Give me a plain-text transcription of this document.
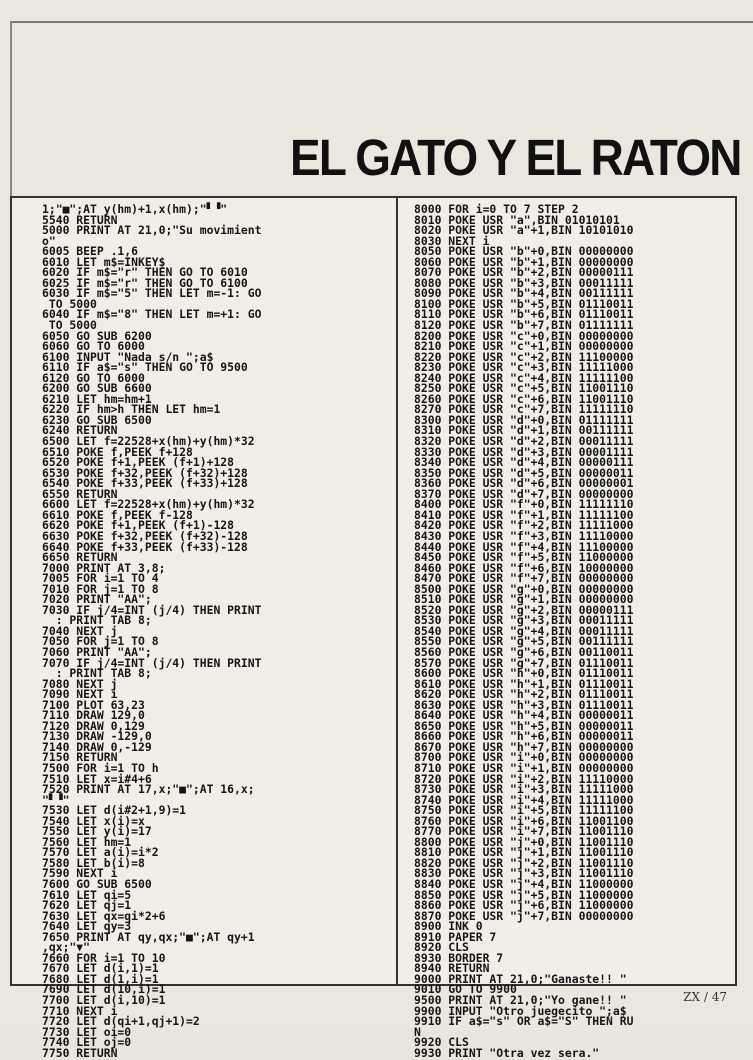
EL GATO Y EL RATON
1;"■";AT y(hm)+1,x(hm);"▘▝"
5540 RETURN
5000 PRINT AT 21,0;"Su movimient
o"
6005 BEEP .1,6
6010 LET m$=INKEY$
6020 IF m$="r" THEN GO TO 6010
6025 IF m$="r" THEN GO TO 6100
6030 IF m$="5" THEN LET m=-1: GO
TO 5000
6040 IF m$="8" THEN LET m=+1: GO
TO 5000
6050 GO SUB 6200
6060 GO TO 6000
6100 INPUT "Nada s/n ";a$
6110 IF a$="s" THEN GO TO 9500
6120 GO TO 6000
6200 GO SUB 6600
6210 LET hm=hm+1
6220 IF hm>h THEN LET hm=1
6230 GO SUB 6500
6240 RETURN
6500 LET f=22528+x(hm)+y(hm)*32
6510 POKE f,PEEK f+128
6520 POKE f+1,PEEK (f+1)+128
6530 POKE f+32,PEEK (f+32)+128
6540 POKE f+33,PEEK (f+33)+128
6550 RETURN
6600 LET f=22528+x(hm)+y(hm)*32
6610 POKE f,PEEK f-128
6620 POKE f+1,PEEK (f+1)-128
6630 POKE f+32,PEEK (f+32)-128
6640 POKE f+33,PEEK (f+33)-128
6650 RETURN
7000 PRINT AT 3,8;
7005 FOR i=1 TO 4
7010 FOR j=1 TO 8
7020 PRINT "AA";
7030 IF j/4=INT (j/4) THEN PRINT
: PRINT TAB 8;
7040 NEXT j
7050 FOR j=1 TO 8
7060 PRINT "AA";
7070 IF j/4=INT (j/4) THEN PRINT
: PRINT TAB 8;
7080 NEXT j
7090 NEXT i
7100 PLOT 63,23
7110 DRAW 129,0
7120 DRAW 0,129
7130 DRAW -129,0
7140 DRAW 0,-129
7150 RETURN
7500 FOR i=1 TO h
7510 LET x=i#4+6
7520 PRINT AT 17,x;"■";AT 16,x;
"▘▝"
7530 LET d(i#2+1,9)=1
7540 LET x(i)=x
7550 LET y(i)=17
7560 LET hm=1
7570 LET a(i)=i*2
7580 LET b(i)=8
7590 NEXT i
7600 GO SUB 6500
7610 LET qi=5
7620 LET qj=1
7630 LET qx=qi*2+6
7640 LET qy=3
7650 PRINT AT qy,qx;"■";AT qy+1
,qx;"▼"
7660 FOR i=1 TO 10
7670 LET d(i,1)=1
7680 LET d(1,i)=1
7690 LET d(10,i)=1
7700 LET d(i,10)=1
7710 NEXT i
7720 LET d(qi+1,qj+1)=2
7730 LET oi=0
7740 LET oj=0
7750 RETURN
8000 FOR i=0 TO 7 STEP 2
8010 POKE USR "a",BIN 01010101
8020 POKE USR "a"+1,BIN 10101010
8030 NEXT i
8050 POKE USR "b"+0,BIN 00000000
8060 POKE USR "b"+1,BIN 00000000
8070 POKE USR "b"+2,BIN 00000111
8080 POKE USR "b"+3,BIN 00011111
8090 POKE USR "b"+4,BIN 00111111
8100 POKE USR "b"+5,BIN 01110011
8110 POKE USR "b"+6,BIN 01110011
8120 POKE USR "b"+7,BIN 01111111
8200 POKE USR "c"+0,BIN 00000000
8210 POKE USR "c"+1,BIN 00000000
8220 POKE USR "c"+2,BIN 11100000
8230 POKE USR "c"+3,BIN 11111000
8240 POKE USR "c"+4,BIN 11111100
8250 POKE USR "c"+5,BIN 11001110
8260 POKE USR "c"+6,BIN 11001110
8270 POKE USR "c"+7,BIN 11111110
8300 POKE USR "d"+0,BIN 01111111
8310 POKE USR "d"+1,BIN 00111111
8320 POKE USR "d"+2,BIN 00011111
8330 POKE USR "d"+3,BIN 00001111
8340 POKE USR "d"+4,BIN 00000111
8350 POKE USR "d"+5,BIN 00000011
8360 POKE USR "d"+6,BIN 00000001
8370 POKE USR "d"+7,BIN 00000000
8400 POKE USR "f"+0,BIN 11111110
8410 POKE USR "f"+1,BIN 11111100
8420 POKE USR "f"+2,BIN 11111000
8430 POKE USR "f"+3,BIN 11110000
8440 POKE USR "f"+4,BIN 11100000
8450 POKE USR "f"+5,BIN 11000000
8460 POKE USR "f"+6,BIN 10000000
8470 POKE USR "f"+7,BIN 00000000
8500 POKE USR "g"+0,BIN 00000000
8510 POKE USR "g"+1,BIN 00000000
8520 POKE USR "g"+2,BIN 00000111
8530 POKE USR "g"+3,BIN 00011111
8540 POKE USR "g"+4,BIN 00011111
8550 POKE USR "g"+5,BIN 00111111
8560 POKE USR "g"+6,BIN 00110011
8570 POKE USR "g"+7,BIN 01110011
8600 POKE USR "h"+0,BIN 01110011
8610 POKE USR "h"+1,BIN 01110011
8620 POKE USR "h"+2,BIN 01110011
8630 POKE USR "h"+3,BIN 01110011
8640 POKE USR "h"+4,BIN 00000011
8650 POKE USR "h"+5,BIN 00000011
8660 POKE USR "h"+6,BIN 00000011
8670 POKE USR "h"+7,BIN 00000000
8700 POKE USR "i"+0,BIN 00000000
8710 POKE USR "i"+1,BIN 00000000
8720 POKE USR "i"+2,BIN 11110000
8730 POKE USR "i"+3,BIN 11111000
8740 POKE USR "i"+4,BIN 11111000
8750 POKE USR "i"+5,BIN 11111100
8760 POKE USR "i"+6,BIN 11001100
8770 POKE USR "i"+7,BIN 11001110
8800 POKE USR "j"+0,BIN 11001110
8810 POKE USR "j"+1,BIN 11001110
8820 POKE USR "j"+2,BIN 11001110
8830 POKE USR "j"+3,BIN 11001110
8840 POKE USR "j"+4,BIN 11000000
8850 POKE USR "j"+5,BIN 11000000
8860 POKE USR "j"+6,BIN 11000000
8870 POKE USR "j"+7,BIN 00000000
8900 INK 0
8910 PAPER 7
8920 CLS
8930 BORDER 7
8940 RETURN
9000 PRINT AT 21,0;"Ganaste!! "
9010 GO TO 9900
9500 PRINT AT 21,0;"Yo gane!! "
9900 INPUT "Otro juegecito ";a$
9910 IF a$="s" OR a$="S" THEN RU
N
9920 CLS
9930 PRINT "Otra vez sera."
ZX / 47
